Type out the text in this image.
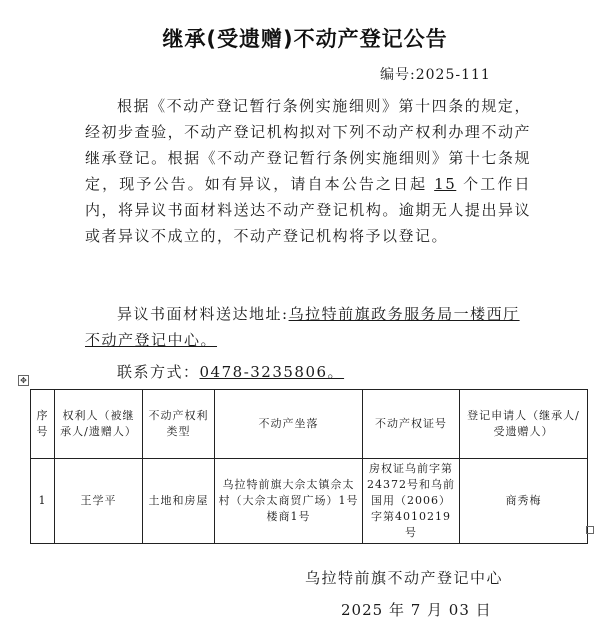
继承(受遗赠)不动产登记公告
编号:2025-111

根据《不动产登记暂行条例实施细则》第十四条的规定，经初步查验，不动产登记机构拟对下列不动产权利办理不动产继承登记。根据《不动产登记暂行条例实施细则》第十七条规定，现予公告。如有异议，请自本公告之日起 15 个工作日内，将异议书面材料送达不动产登记机构。逾期无人提出异议或者异议不成立的，不动产登记机构将予以登记。

异议书面材料送达地址:乌拉特前旗政务服务局一楼西厅不动产登记中心。
联系方式：0478-3235806。
✥
序号	权利人（被继承人/遗赠人）	不动产权利类型	不动产坐落	不动产权证号	登记申请人（继承人/受遗赠人）
1	王学平	土地和房屋	乌拉特前旗大佘太镇佘太村（大佘太商贸广场）1号楼商1号	房权证乌前字第24372号和乌前国用（2006）字第4010219号	商秀梅
乌拉特前旗不动产登记中心
2025 年 7 月 03 日
